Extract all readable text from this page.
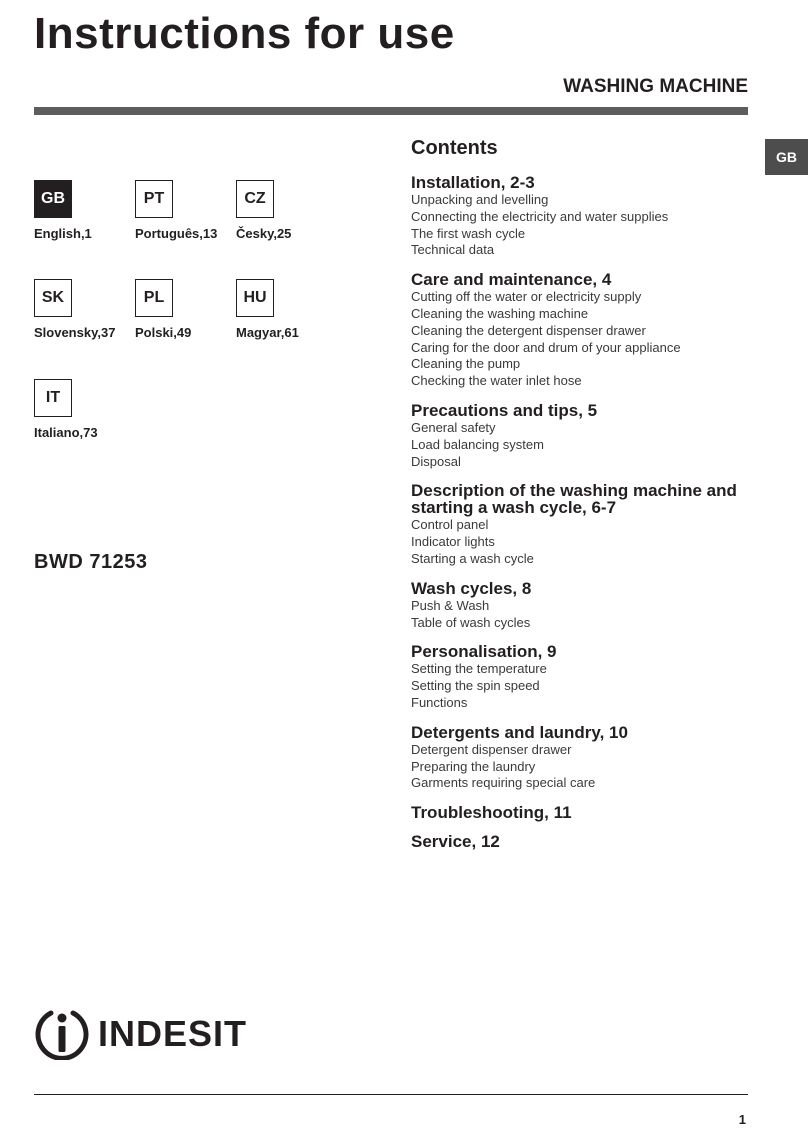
Instructions for use
WASHING MACHINE
GB
GB
English,1
PT
Português,13
CZ
Česky,25
SK
Slovensky,37
PL
Polski,49
HU
Magyar,61
IT
Italiano,73
BWD 71253
Contents
Installation, 2-3
Unpacking and levelling
Connecting the electricity and water supplies
The first wash cycle
Technical data
Care and maintenance, 4
Cutting off the water or electricity supply
Cleaning the washing machine
Cleaning the detergent dispenser drawer
Caring for the door and drum of your appliance
Cleaning the pump
Checking the water inlet hose
Precautions and tips, 5
General safety
Load balancing system
Disposal
Description of the washing machine and starting a wash cycle, 6-7
Control panel
Indicator lights
Starting a wash cycle
Wash cycles, 8
Push & Wash
Table of wash cycles
Personalisation, 9
Setting the temperature
Setting the spin speed
Functions
Detergents and laundry, 10
Detergent dispenser drawer
Preparing the laundry
Garments requiring special care
Troubleshooting, 11
Service, 12
INDESIT
1
